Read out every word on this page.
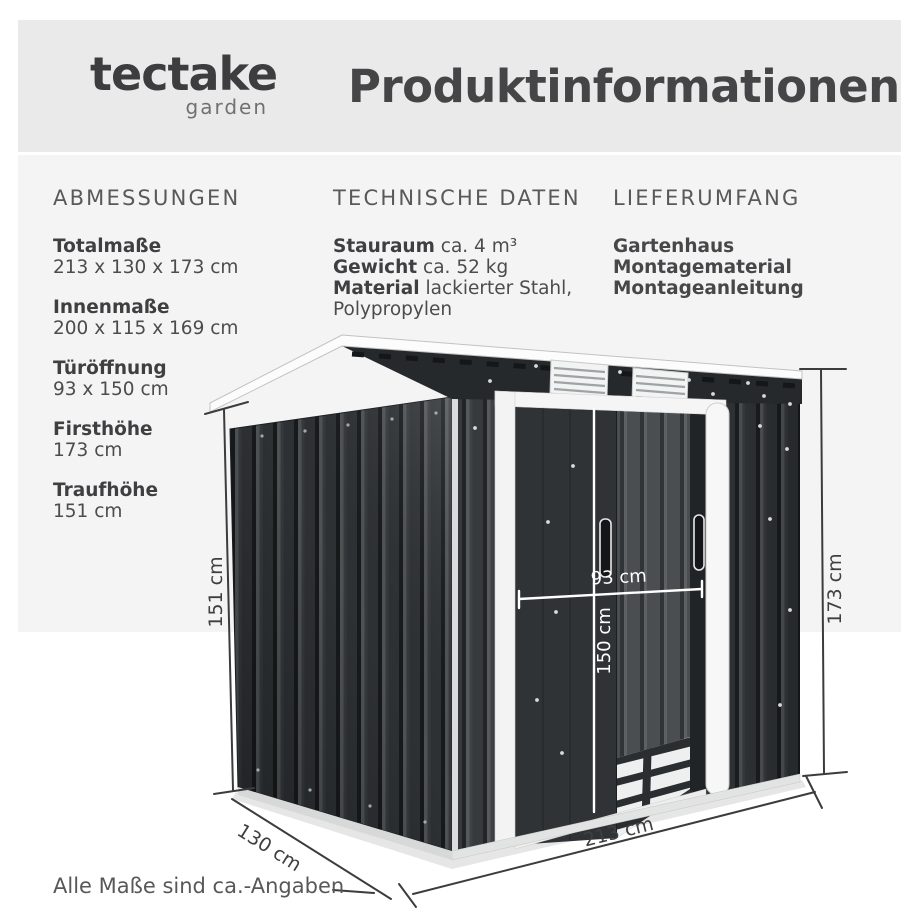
tectake
garden Produktinformationen
ABMESSUNGEN
Totalmaße
213 x 130 x 173 cm
Innenmaße
200 x 115 x 169 cm
Türöffnung
93 x 150 cm
Firsthöhe
173 cm
Traufhöhe
151 cm
TECHNISCHE DATEN

Stauraum ca. 4 m³

Gewicht ca. 52 kg

Material lackierter Stahl, Polypropylen

LIEFERUMFANG

Gartenhaus

Montagematerial

Montageanleitung

151 cm	173 cm
130 cm	213 cm
93 cm
150 cm
Alle Maße sind ca.-Angaben
